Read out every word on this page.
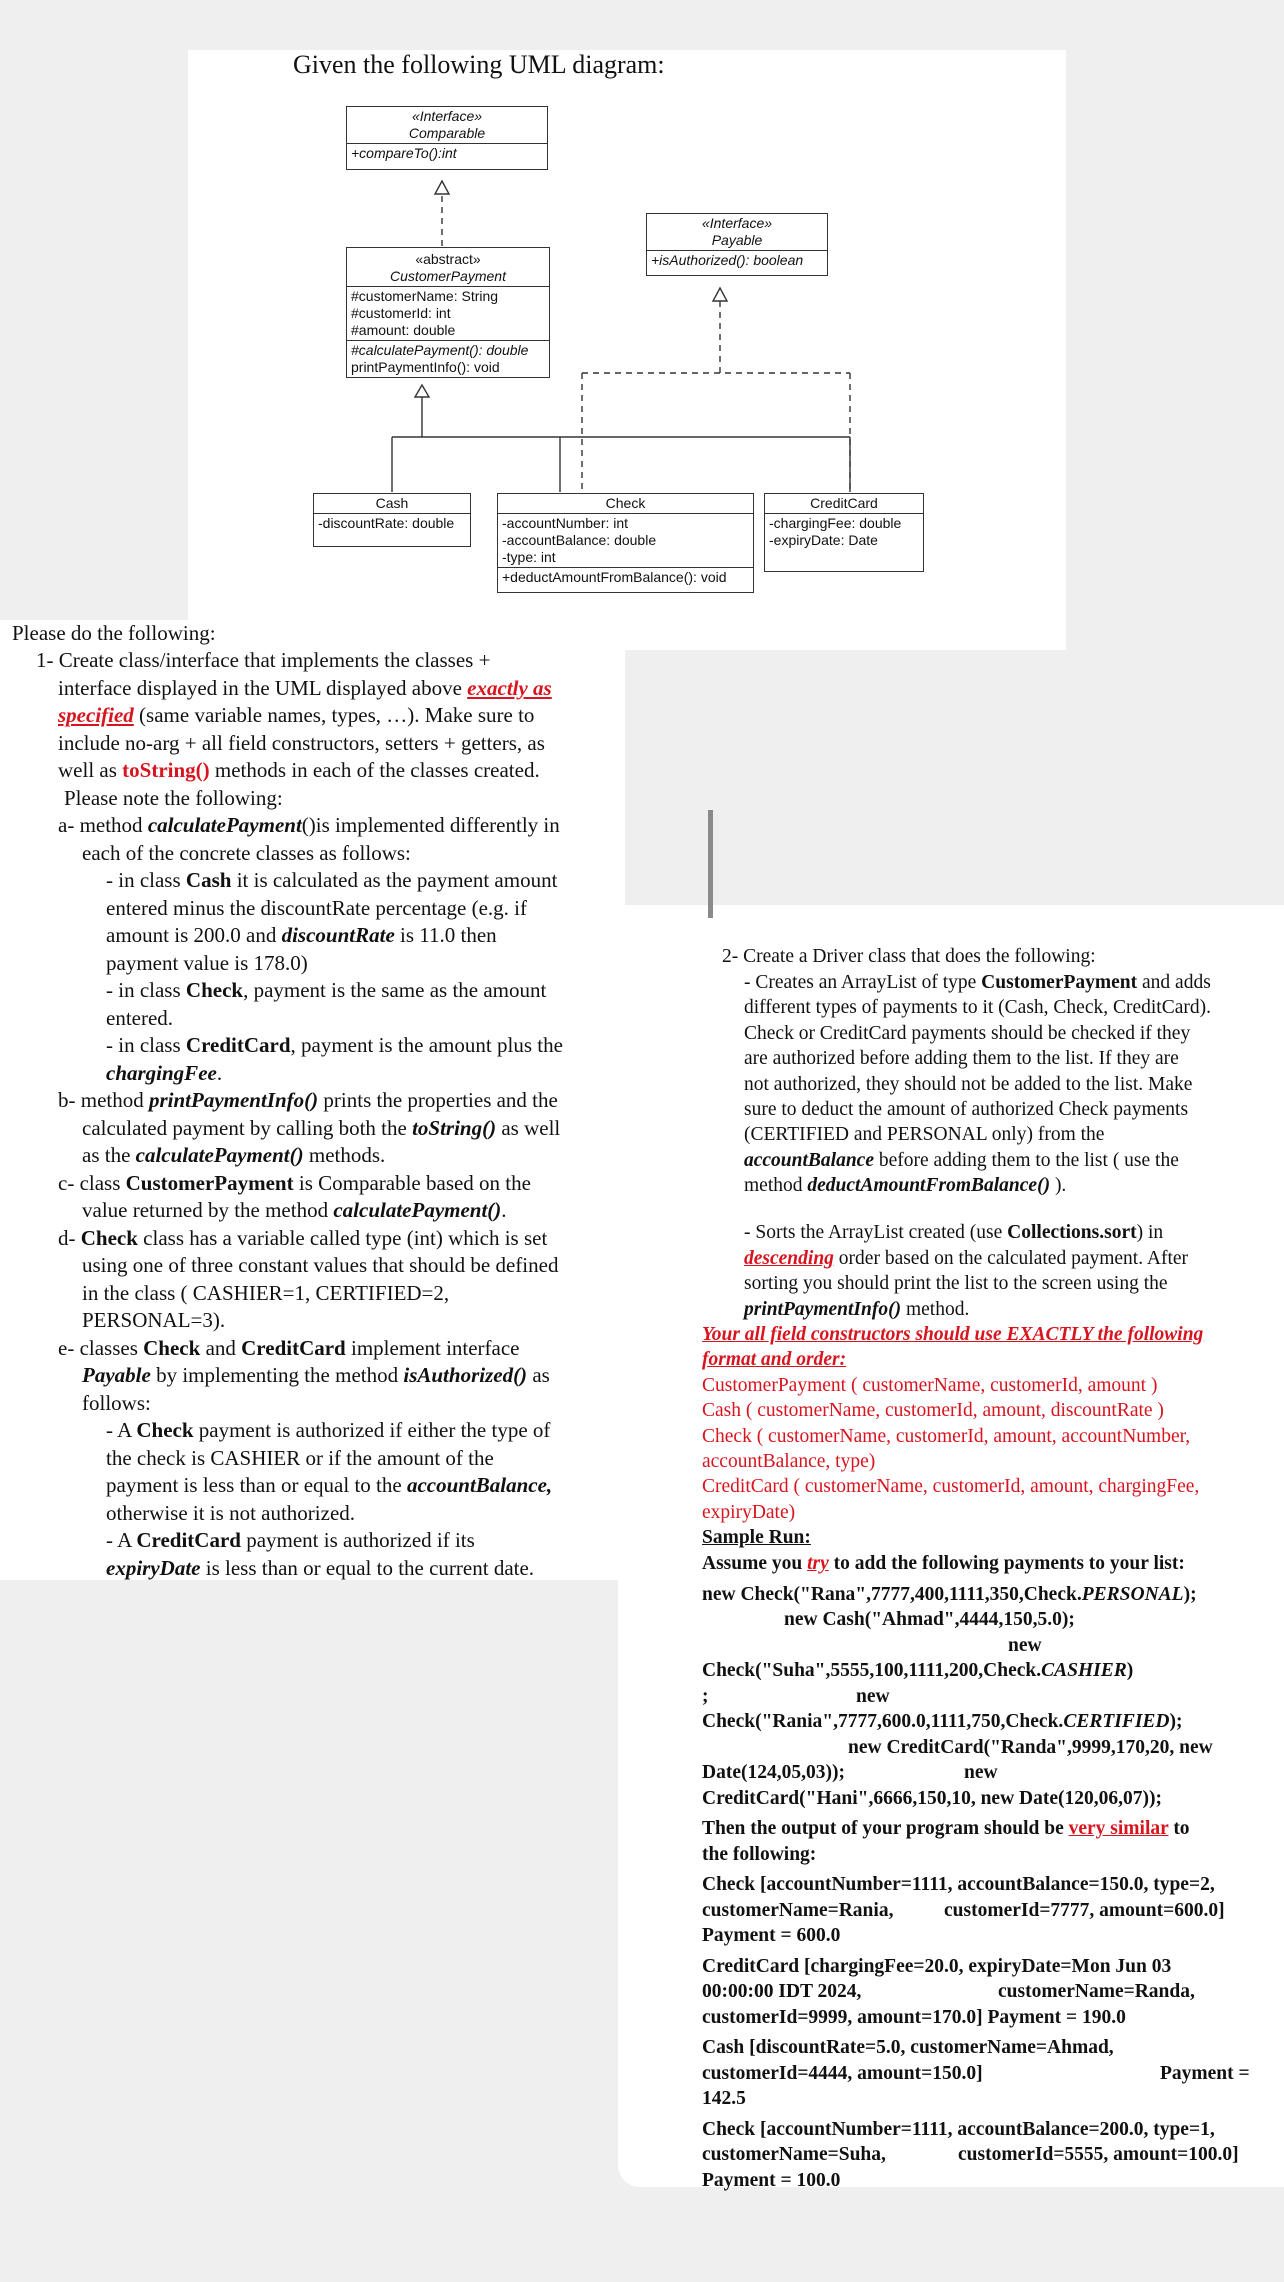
Given the following UML diagram:
«Interface»
Comparable
+compareTo():int
«Interface»
Payable
+isAuthorized(): boolean
«abstract»
CustomerPayment
#customerName: String
#customerId: int
#amount: double
#calculatePayment(): double
printPaymentInfo(): void
Cash
-discountRate: double
Check
-accountNumber: int
-accountBalance: double
-type: int
+deductAmountFromBalance(): void
CreditCard
-chargingFee: double
-expiryDate: Date
Please do the following:
1- Create class/interface that implements the classes +
interface displayed in the UML displayed above exactly as
specified (same variable names, types, …). Make sure to
include no-arg + all field constructors, setters + getters, as
well as toString() methods in each of the classes created.
Please note the following:
a- method calculatePayment()is implemented differently in
each of the concrete classes as follows:
- in class Cash it is calculated as the payment amount
entered minus the discountRate percentage (e.g. if
amount is 200.0 and discountRate is 11.0 then
payment value is 178.0)
- in class Check, payment is the same as the amount
entered.
- in class CreditCard, payment is the amount plus the
chargingFee.
b- method printPaymentInfo() prints the properties and the
calculated payment by calling both the toString() as well
as the calculatePayment() methods.
c- class CustomerPayment is Comparable based on the
value returned by the method calculatePayment().
d- Check class has a variable called type (int) which is set
using one of three constant values that should be defined
in the class ( CASHIER=1, CERTIFIED=2,
PERSONAL=3).
e- classes Check and CreditCard implement interface
Payable by implementing the method isAuthorized() as
follows:
- A Check payment is authorized if either the type of
the check is CASHIER or if the amount of the
payment is less than or equal to the accountBalance,
otherwise it is not authorized.
- A CreditCard payment is authorized if its
expiryDate is less than or equal to the current date.
2- Create a Driver class that does the following:
- Creates an ArrayList of type CustomerPayment and adds
different types of payments to it (Cash, Check, CreditCard).
Check or CreditCard payments should be checked if they
are authorized before adding them to the list. If they are
not authorized, they should not be added to the list. Make
sure to deduct the amount of authorized Check payments
(CERTIFIED and PERSONAL only) from the
accountBalance before adding them to the list ( use the
method deductAmountFromBalance() ).
- Sorts the ArrayList created (use Collections.sort) in
descending order based on the calculated payment. After
sorting you should print the list to the screen using the
printPaymentInfo() method.
Your all field constructors should use EXACTLY the following
format and order:
CustomerPayment ( customerName, customerId, amount )
Cash ( customerName, customerId, amount, discountRate )
Check ( customerName, customerId, amount, accountNumber,
accountBalance, type)
CreditCard ( customerName, customerId, amount, chargingFee,
expiryDate)
Sample Run:
Assume you try to add the following payments to your list:
new Check("Rana",7777,400,1111,350,Check.PERSONAL);
new Cash("Ahmad",4444,150,5.0);
new
Check("Suha",5555,100,1111,200,Check.CASHIER)
;	new
Check("Rania",7777,600.0,1111,750,Check.CERTIFIED);
new CreditCard("Randa",9999,170,20, new
Date(124,05,03));	new
CreditCard("Hani",6666,150,10, new Date(120,06,07));
Then the output of your program should be very similar to
the following:
Check [accountNumber=1111, accountBalance=150.0, type=2,
customerName=Rania,	customerId=7777, amount=600.0]
Payment = 600.0
CreditCard [chargingFee=20.0, expiryDate=Mon Jun 03
00:00:00 IDT 2024,	customerName=Randa,
customerId=9999, amount=170.0] Payment = 190.0
Cash [discountRate=5.0, customerName=Ahmad,
customerId=4444, amount=150.0]	Payment =
142.5
Check [accountNumber=1111, accountBalance=200.0, type=1,
customerName=Suha,	customerId=5555, amount=100.0]
Payment = 100.0
